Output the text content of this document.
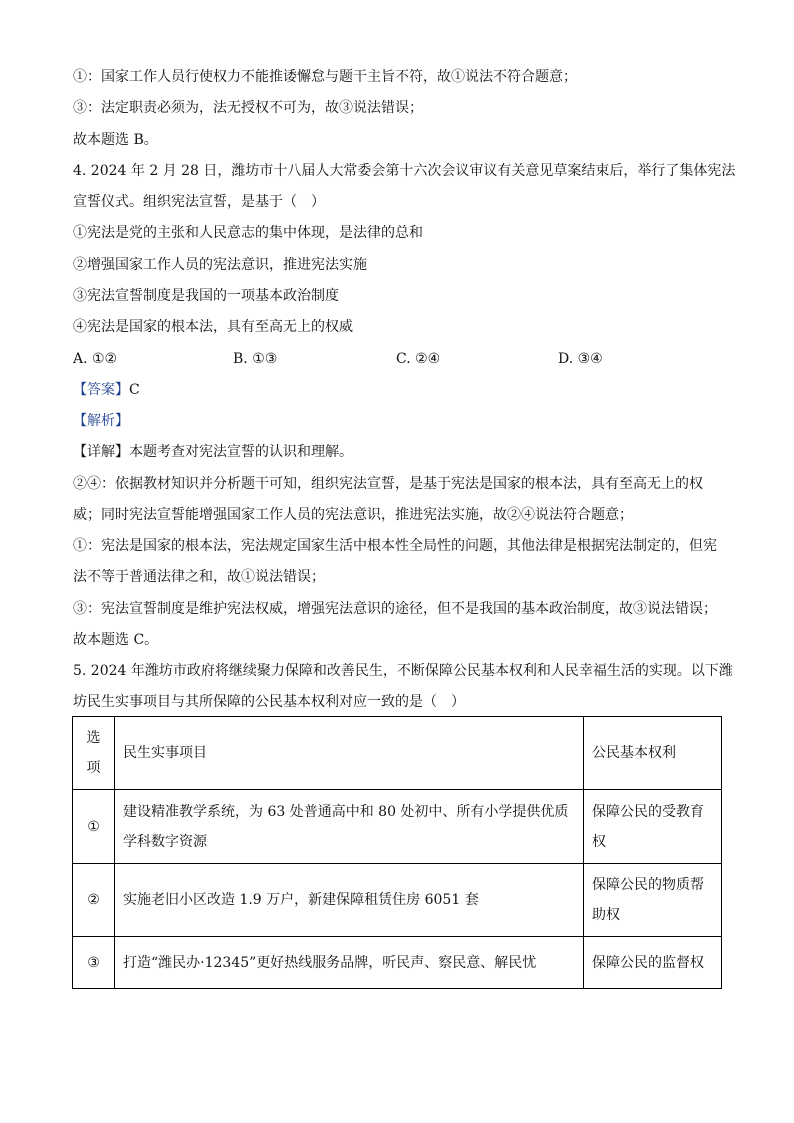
①：国家工作人员行使权力不能推诿懈怠与题干主旨不符，故①说法不符合题意；
③：法定职责必须为，法无授权不可为，故③说法错误；
故本题选 B。
4. 2024 年 2 月 28 日，潍坊市十八届人大常委会第十六次会议审议有关意见草案结束后，举行了集体宪法
宣誓仪式。组织宪法宣誓，是基于（　）
①宪法是党的主张和人民意志的集中体现，是法律的总和
②增强国家工作人员的宪法意识，推进宪法实施
③宪法宣誓制度是我国的一项基本政治制度
④宪法是国家的根本法，具有至高无上的权威
A. ①②	B. ①③	C. ②④	D. ③④
【答案】C
【解析】
【详解】本题考查对宪法宣誓的认识和理解。
②④：依据教材知识并分析题干可知，组织宪法宣誓，是基于宪法是国家的根本法，具有至高无上的权
威；同时宪法宣誓能增强国家工作人员的宪法意识，推进宪法实施，故②④说法符合题意；
①：宪法是国家的根本法，宪法规定国家生活中根本性全局性的问题，其他法律是根据宪法制定的，但宪
法不等于普通法律之和，故①说法错误；
③：宪法宣誓制度是维护宪法权威，增强宪法意识的途径，但不是我国的基本政治制度，故③说法错误；
故本题选 C。
5. 2024 年潍坊市政府将继续聚力保障和改善民生，不断保障公民基本权利和人民幸福生活的实现。以下潍
坊民生实事项目与其所保障的公民基本权利对应一致的是（　）
选项	民生实事项目	公民基本权利
①	建设精准教学系统，为 63 处普通高中和 80 处初中、所有小学提供优质学科数字资源	保障公民的受教育权
②	实施老旧小区改造 1.9 万户，新建保障租赁住房 6051 套	保障公民的物质帮助权
③	打造“潍民办·12345”更好热线服务品牌，听民声、察民意、解民忧	保障公民的监督权
